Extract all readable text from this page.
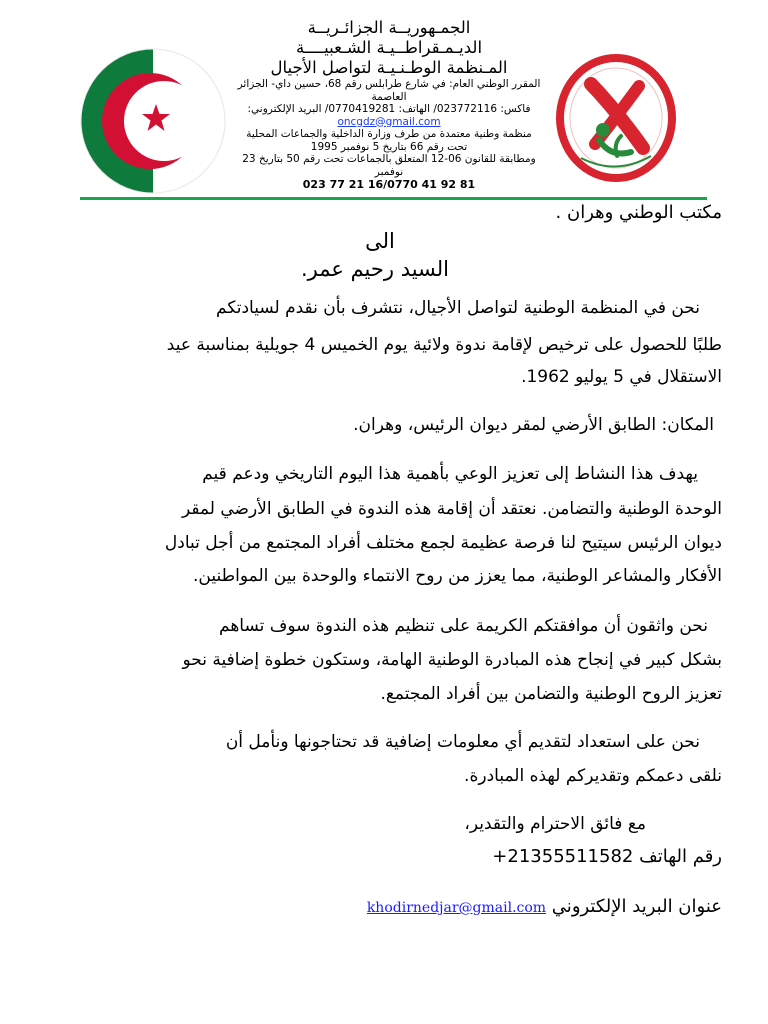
الجمـهوريــة الجزائـريــة
الديـمـقراطــيـة الشـعبيــــة
المـنظمة الوطـنـيـة لتواصل الأجيال
المقرر الوطني العام: في شارع طرابلس رقم 68، حسين داي- الجزائر العاصمة
فاكس: 023772116/ الهاتف: 0770419281/ البريد الإلكتروني:
oncgdz@gmail.com
منظمة وطنية معتمدة من طرف وزارة الداخلية والجماعات المحلية تحت رقم 66 بتاريخ 5 نوفمبر 1995
ومطابقة للقانون 06-12 المتعلق بالجماعات تحت رقم 50 بتاريخ 23 نوفمبر
023 77 21 16/0770 41 92 81
مكتب الوطني وهران .
الى
السيد رحيم عمر.
نحن في المنظمة الوطنية لتواصل الأجيال، نتشرف بأن نقدم لسيادتكم
طلبًا للحصول على ترخيص لإقامة ندوة ولائية يوم الخميس 4 جويلية بمناسبة عيد
الاستقلال في 5 يوليو 1962.
المكان: الطابق الأرضي لمقر ديوان الرئيس، وهران.
يهدف هذا النشاط إلى تعزيز الوعي بأهمية هذا اليوم التاريخي ودعم قيم
الوحدة الوطنية والتضامن. نعتقد أن إقامة هذه الندوة في الطابق الأرضي لمقر
ديوان الرئيس سيتيح لنا فرصة عظيمة لجمع مختلف أفراد المجتمع من أجل تبادل
الأفكار والمشاعر الوطنية، مما يعزز من روح الانتماء والوحدة بين المواطنين.
نحن واثقون أن موافقتكم الكريمة على تنظيم هذه الندوة سوف تساهم
بشكل كبير في إنجاح هذه المبادرة الوطنية الهامة، وستكون خطوة إضافية نحو
تعزيز الروح الوطنية والتضامن بين أفراد المجتمع.
نحن على استعداد لتقديم أي معلومات إضافية قد تحتاجونها ونأمل أن
نلقى دعمكم وتقديركم لهذه المبادرة.
مع فائق الاحترام والتقدير،
رقم الهاتف +21355511582
عنوان البريد الإلكتروني khodirnedjar@gmail.com
